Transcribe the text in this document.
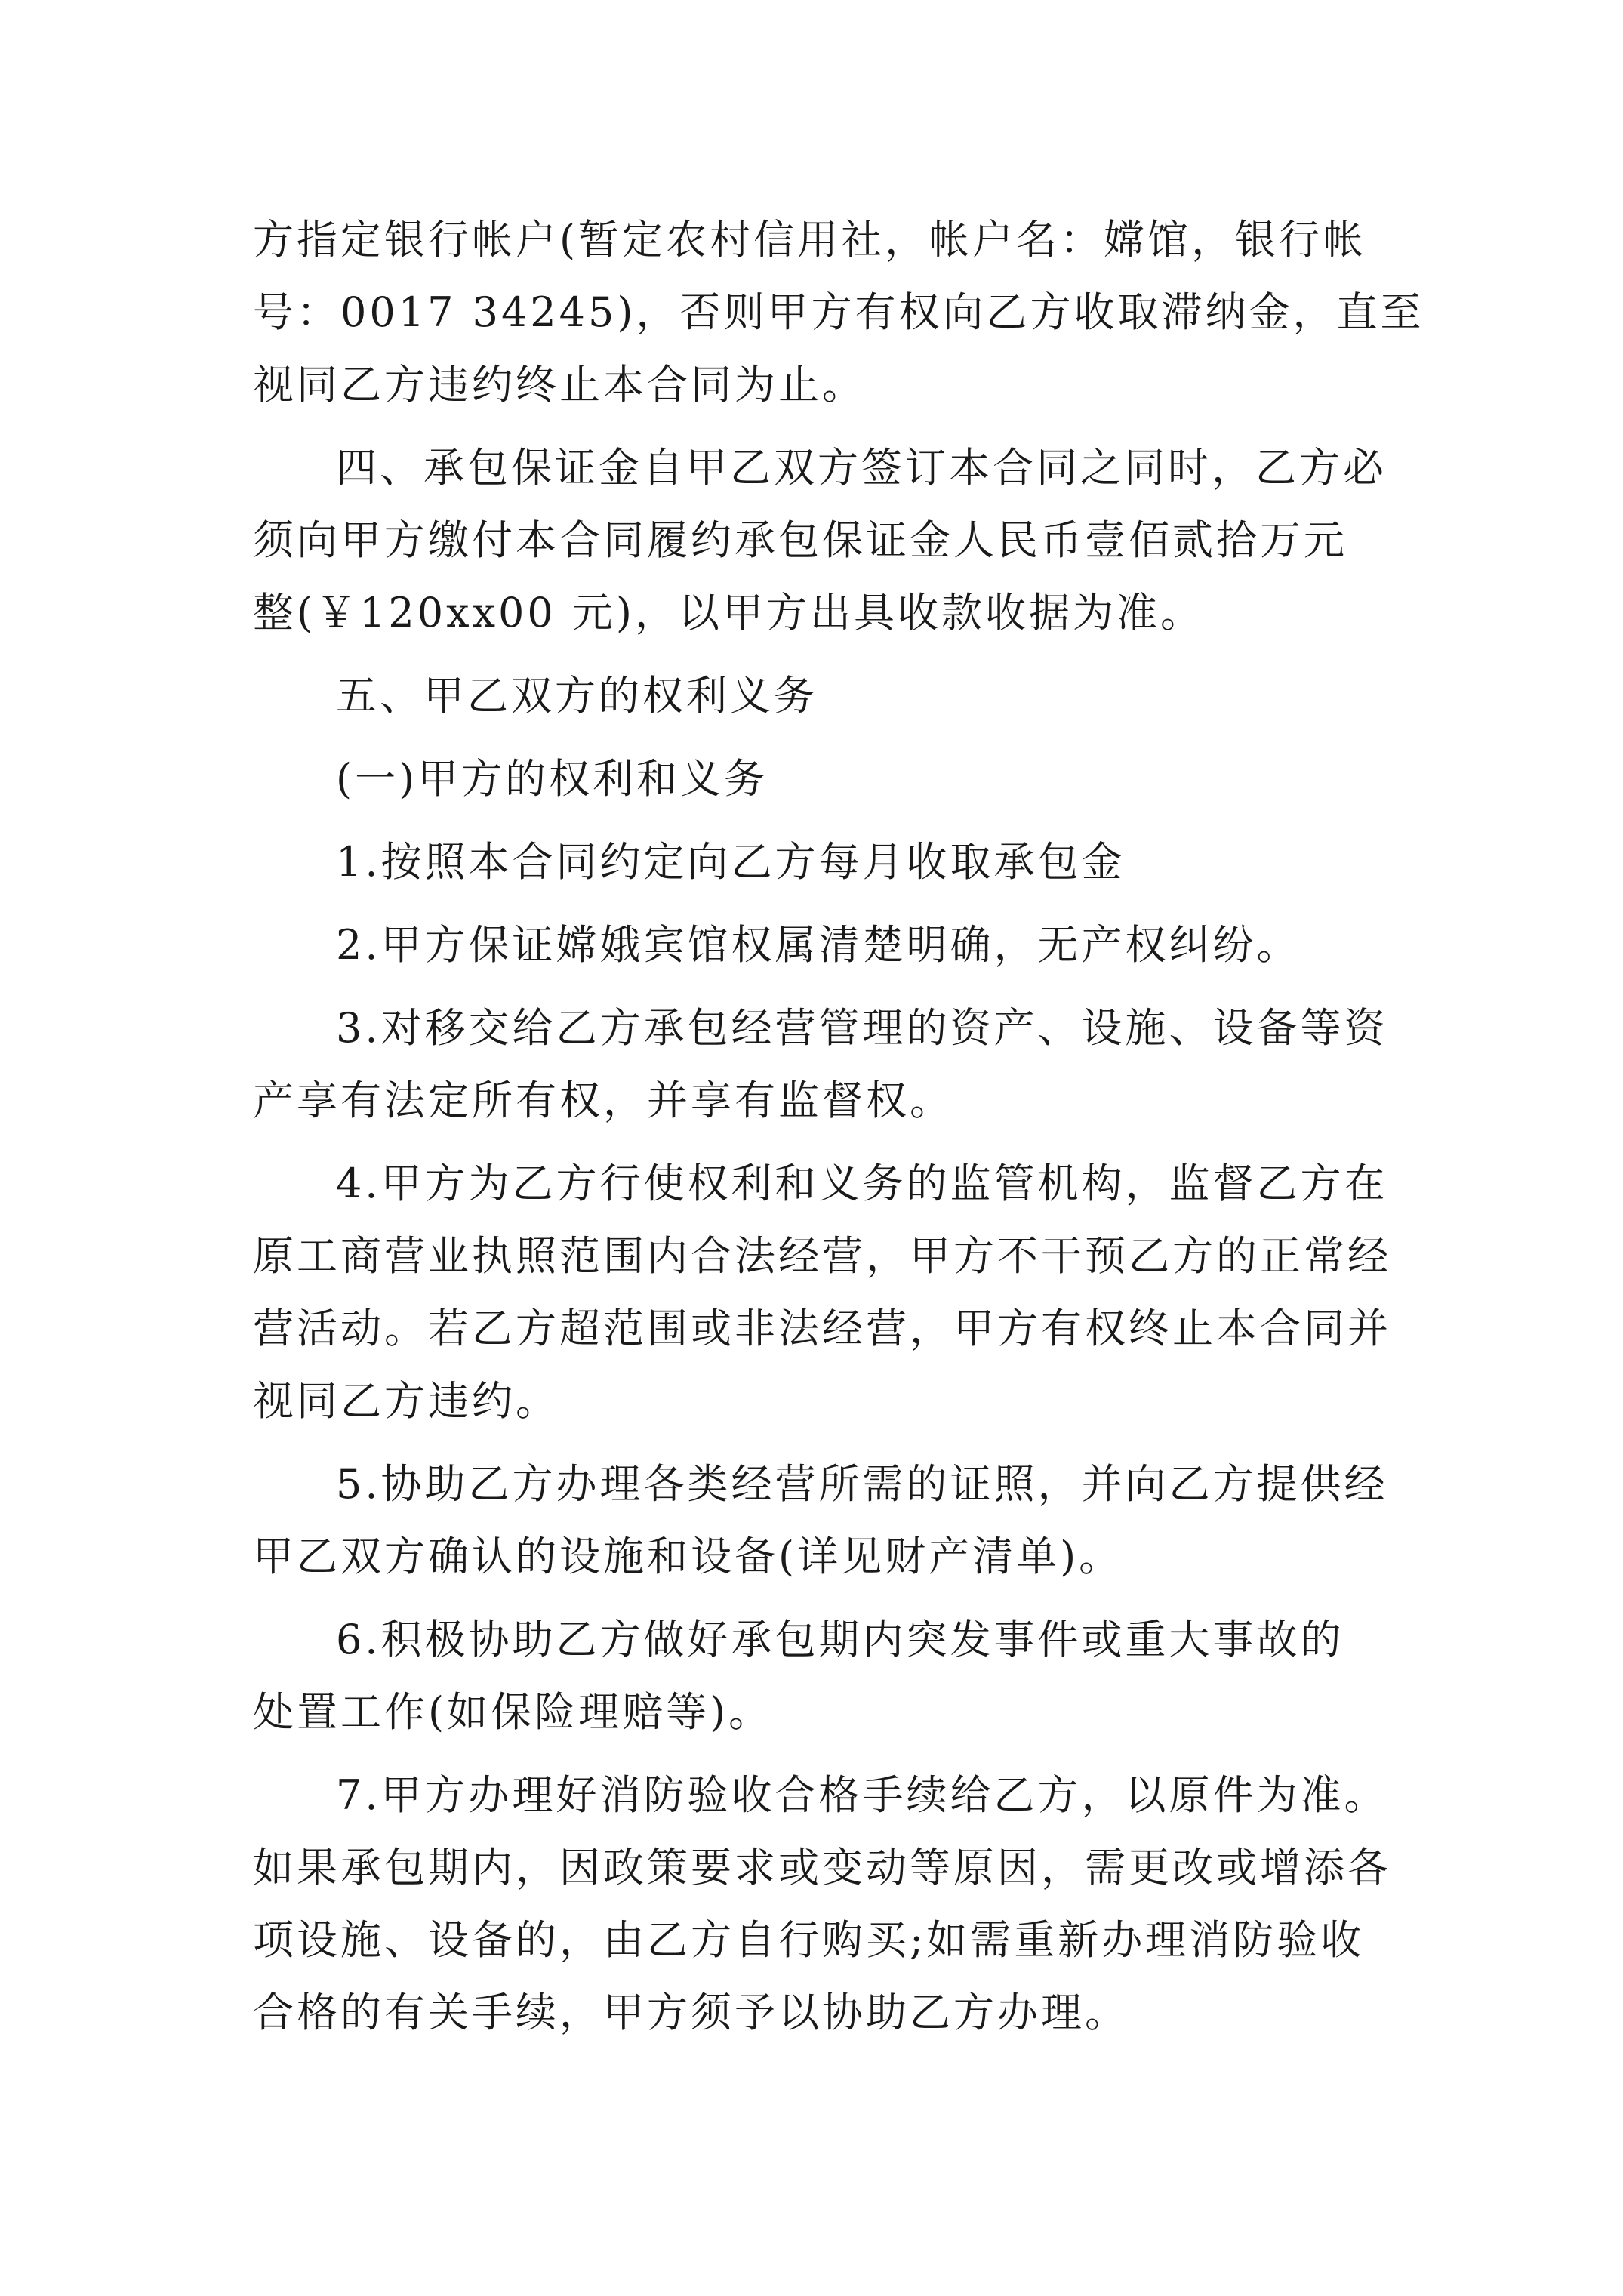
方指定银行帐户(暂定农村信用社，帐户名：嫦馆，银行帐
号：0017 34245)，否则甲方有权向乙方收取滞纳金，直至
视同乙方违约终止本合同为止。
四、承包保证金自甲乙双方签订本合同之同时，乙方必
须向甲方缴付本合同履约承包保证金人民币壹佰贰拾万元
整(￥120xx00 元)，以甲方出具收款收据为准。
五、甲乙双方的权利义务
(一)甲方的权利和义务
1.按照本合同约定向乙方每月收取承包金
2.甲方保证嫦娥宾馆权属清楚明确，无产权纠纷。
3.对移交给乙方承包经营管理的资产、设施、设备等资
产享有法定所有权，并享有监督权。
4.甲方为乙方行使权利和义务的监管机构，监督乙方在
原工商营业执照范围内合法经营，甲方不干预乙方的正常经
营活动。若乙方超范围或非法经营，甲方有权终止本合同并
视同乙方违约。
5.协助乙方办理各类经营所需的证照，并向乙方提供经
甲乙双方确认的设施和设备(详见财产清单)。
6.积极协助乙方做好承包期内突发事件或重大事故的
处置工作(如保险理赔等)。
7.甲方办理好消防验收合格手续给乙方，以原件为准。
如果承包期内，因政策要求或变动等原因，需更改或增添各
项设施、设备的，由乙方自行购买;如需重新办理消防验收
合格的有关手续，甲方须予以协助乙方办理。
